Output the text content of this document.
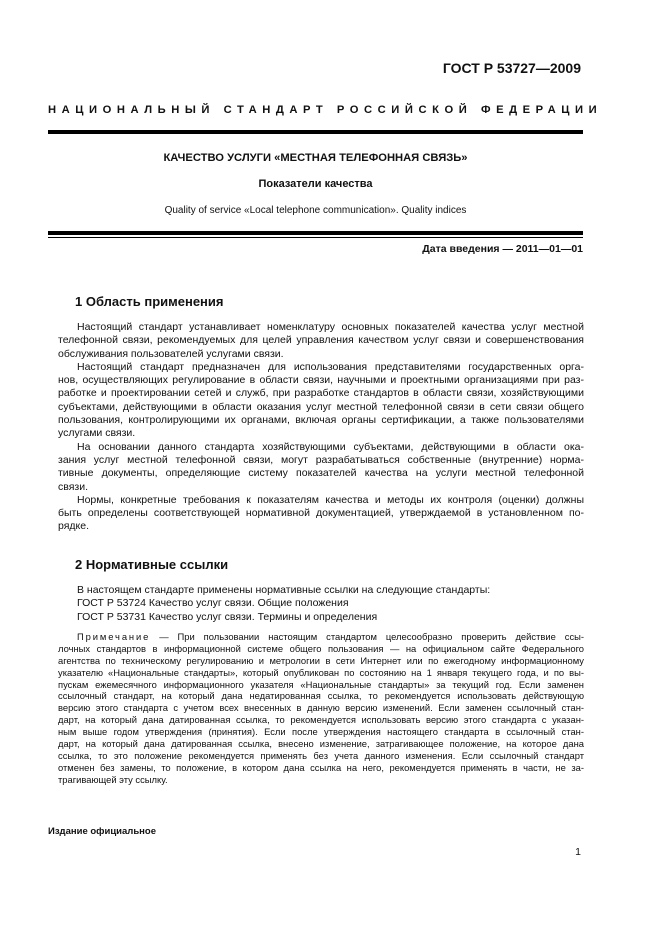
ГОСТ Р 53727—2009
НАЦИОНАЛЬНЫЙ СТАНДАРТ РОССИЙСКОЙ ФЕДЕРАЦИИ
КАЧЕСТВО УСЛУГИ «МЕСТНАЯ ТЕЛЕФОННАЯ СВЯЗЬ»
Показатели качества
Quality of service «Local telephone communication». Quality indices
Дата введения — 2011—01—01
1 Область применения
Настоящий стандарт устанавливает номенклатуру основных показателей качества услуг местной
телефонной связи, рекомендуемых для целей управления качеством услуг связи и совершенствования
обслуживания пользователей услугами связи.
Настоящий стандарт предназначен для использования представителями государственных орга-
нов, осуществляющих регулирование в области связи, научными и проектными организациями при раз-
работке и проектировании сетей и служб, при разработке стандартов в области связи, хозяйствующими
субъектами, действующими в области оказания услуг местной телефонной связи в сети связи общего
пользования, контролирующими их органами, включая органы сертификации, а также пользователями
услугами связи.
На основании данного стандарта хозяйствующими субъектами, действующими в области ока-
зания услуг местной телефонной связи, могут разрабатываться собственные (внутренние) норма-
тивные документы, определяющие систему показателей качества на услуги местной телефонной
связи.
Нормы, конкретные требования к показателям качества и методы их контроля (оценки) должны
быть определены соответствующей нормативной документацией, утверждаемой в установленном по-
рядке.
2 Нормативные ссылки
В настоящем стандарте применены нормативные ссылки на следующие стандарты:
ГОСТ Р 53724 Качество услуг связи. Общие положения
ГОСТ Р 53731 Качество услуг связи. Термины и определения
Примечание — При пользовании настоящим стандартом целесообразно проверить действие ссы-
лочных стандартов в информационной системе общего пользования — на официальном сайте Федерального
агентства по техническому регулированию и метрологии в сети Интернет или по ежегодному информационному
указателю «Национальные стандарты», который опубликован по состоянию на 1 января текущего года, и по вы-
пускам ежемесячного информационного указателя «Национальные стандарты» за текущий год. Если заменен
ссылочный стандарт, на который дана недатированная ссылка, то рекомендуется использовать действующую
версию этого стандарта с учетом всех внесенных в данную версию изменений. Если заменен ссылочный стан-
дарт, на который дана датированная ссылка, то рекомендуется использовать версию этого стандарта с указан-
ным выше годом утверждения (принятия). Если после утверждения настоящего стандарта в ссылочный стан-
дарт, на который дана датированная ссылка, внесено изменение, затрагивающее положение, на которое дана
ссылка, то это положение рекомендуется применять без учета данного изменения. Если ссылочный стандарт
отменен без замены, то положение, в котором дана ссылка на него, рекомендуется применять в части, не за-
трагивающей эту ссылку.
Издание официальное
1
